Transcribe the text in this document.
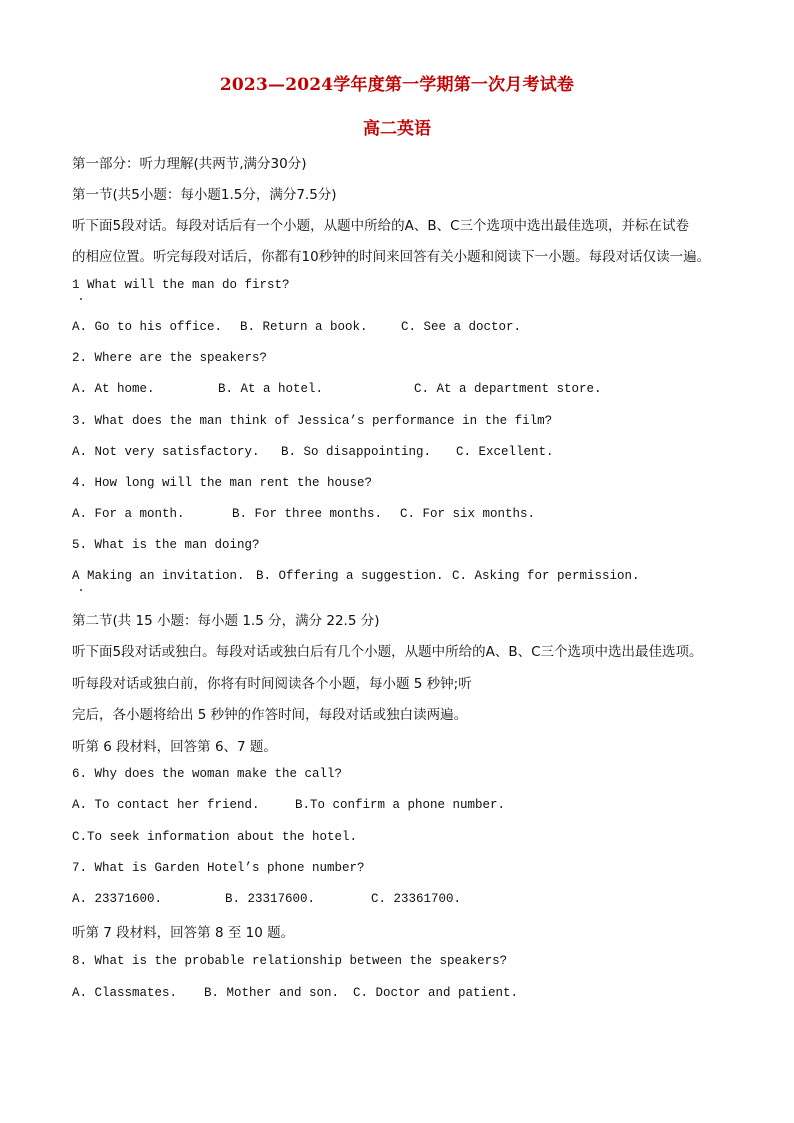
2023—2024学年度第一学期第一次月考试卷
高二英语
第一部分：听力理解(共两节,满分30分)
第一节(共5小题：每小题1.5分，满分7.5分)
听下面5段对话。每段对话后有一个小题，从题中所给的A、B、C三个选项中选出最佳选项，并标在试卷
的相应位置。听完每段对话后，你都有10秒钟的时间来回答有关小题和阅读下一小题。每段对话仅读一遍。
1 What will the man do first?
A. Go to his office. B. Return a book.	C. See a doctor.
2. Where are the speakers?
A. At home.	B. At a hotel.	C. At a department store.
3. What does the man think of Jessica’s performance in the film?
A. Not very satisfactory. B. So disappointing. C. Excellent.
4. How long will the man rent the house?
A. For a month.	B. For three months. C. For six months.
5. What is the man doing?
A Making an invitation. B. Offering a suggestion. C. Asking for permission.
第二节(共 15 小题：每小题 1.5 分，满分 22.5 分)
听下面5段对话或独白。每段对话或独白后有几个小题，从题中所给的A、B、C三个选项中选出最佳选项。
听每段对话或独白前，你将有时间阅读各个小题，每小题 5 秒钟;听
完后，各小题将给出 5 秒钟的作答时间，每段对话或独白读两遍。
听第 6 段材料，回答第 6、7 题。
6. Why does the woman make the call?
A. To contact her friend.	B.To confirm a phone number.
C.To seek information about the hotel.
7. What is Garden Hotel’s phone number?
A. 23371600.	B. 23317600.	C. 23361700.
听第 7 段材料，回答第 8 至 10 题。
8. What is the probable relationship between the speakers?
A. Classmates. B. Mother and son. C. Doctor and patient.
